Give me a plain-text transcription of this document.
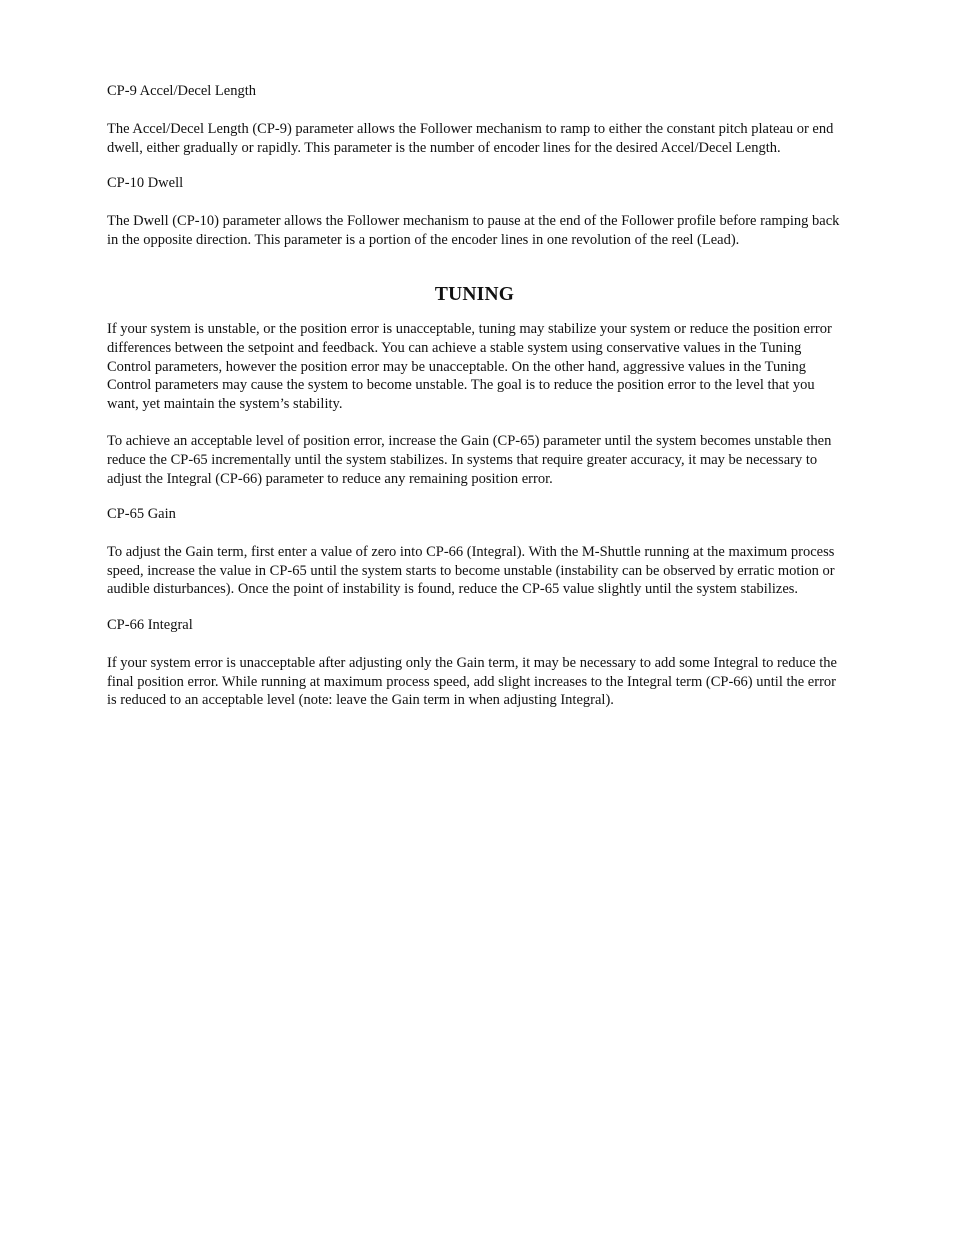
CP-9 Accel/Decel Length

The Accel/Decel Length (CP-9) parameter allows the Follower mechanism to ramp to either the constant pitch plateau or end dwell, either gradually or rapidly. This parameter is the number of encoder lines for the desired Accel/Decel Length.

CP-10 Dwell

The Dwell (CP-10) parameter allows the Follower mechanism to pause at the end of the Follower profile before ramping back in the opposite direction. This parameter is a portion of the encoder lines in one revolution of the reel (Lead).

TUNING

If your system is unstable, or the position error is unacceptable, tuning may stabilize your system or reduce the position error differences between the setpoint and feedback. You can achieve a stable system using conservative values in the Tuning Control parameters, however the position error may be unacceptable. On the other hand, aggressive values in the Tuning Control parameters may cause the system to become unstable. The goal is to reduce the position error to the level that you want, yet maintain the system’s stability.

To achieve an acceptable level of position error, increase the Gain (CP-65) parameter until the system becomes unstable then reduce the CP-65 incrementally until the system stabilizes. In systems that require greater accuracy, it may be necessary to adjust the Integral (CP-66) parameter to reduce any remaining position error.

CP-65 Gain

To adjust the Gain term, first enter a value of zero into CP-66 (Integral). With the M-Shuttle running at the maximum process speed, increase the value in CP-65 until the system starts to become unstable (instability can be observed by erratic motion or audible disturbances). Once the point of instability is found, reduce the CP-65 value slightly until the system stabilizes.

CP-66 Integral

If your system error is unacceptable after adjusting only the Gain term, it may be necessary to add some Integral to reduce the final position error. While running at maximum process speed, add slight increases to the Integral term (CP-66) until the error is reduced to an acceptable level (note: leave the Gain term in when adjusting Integral).
